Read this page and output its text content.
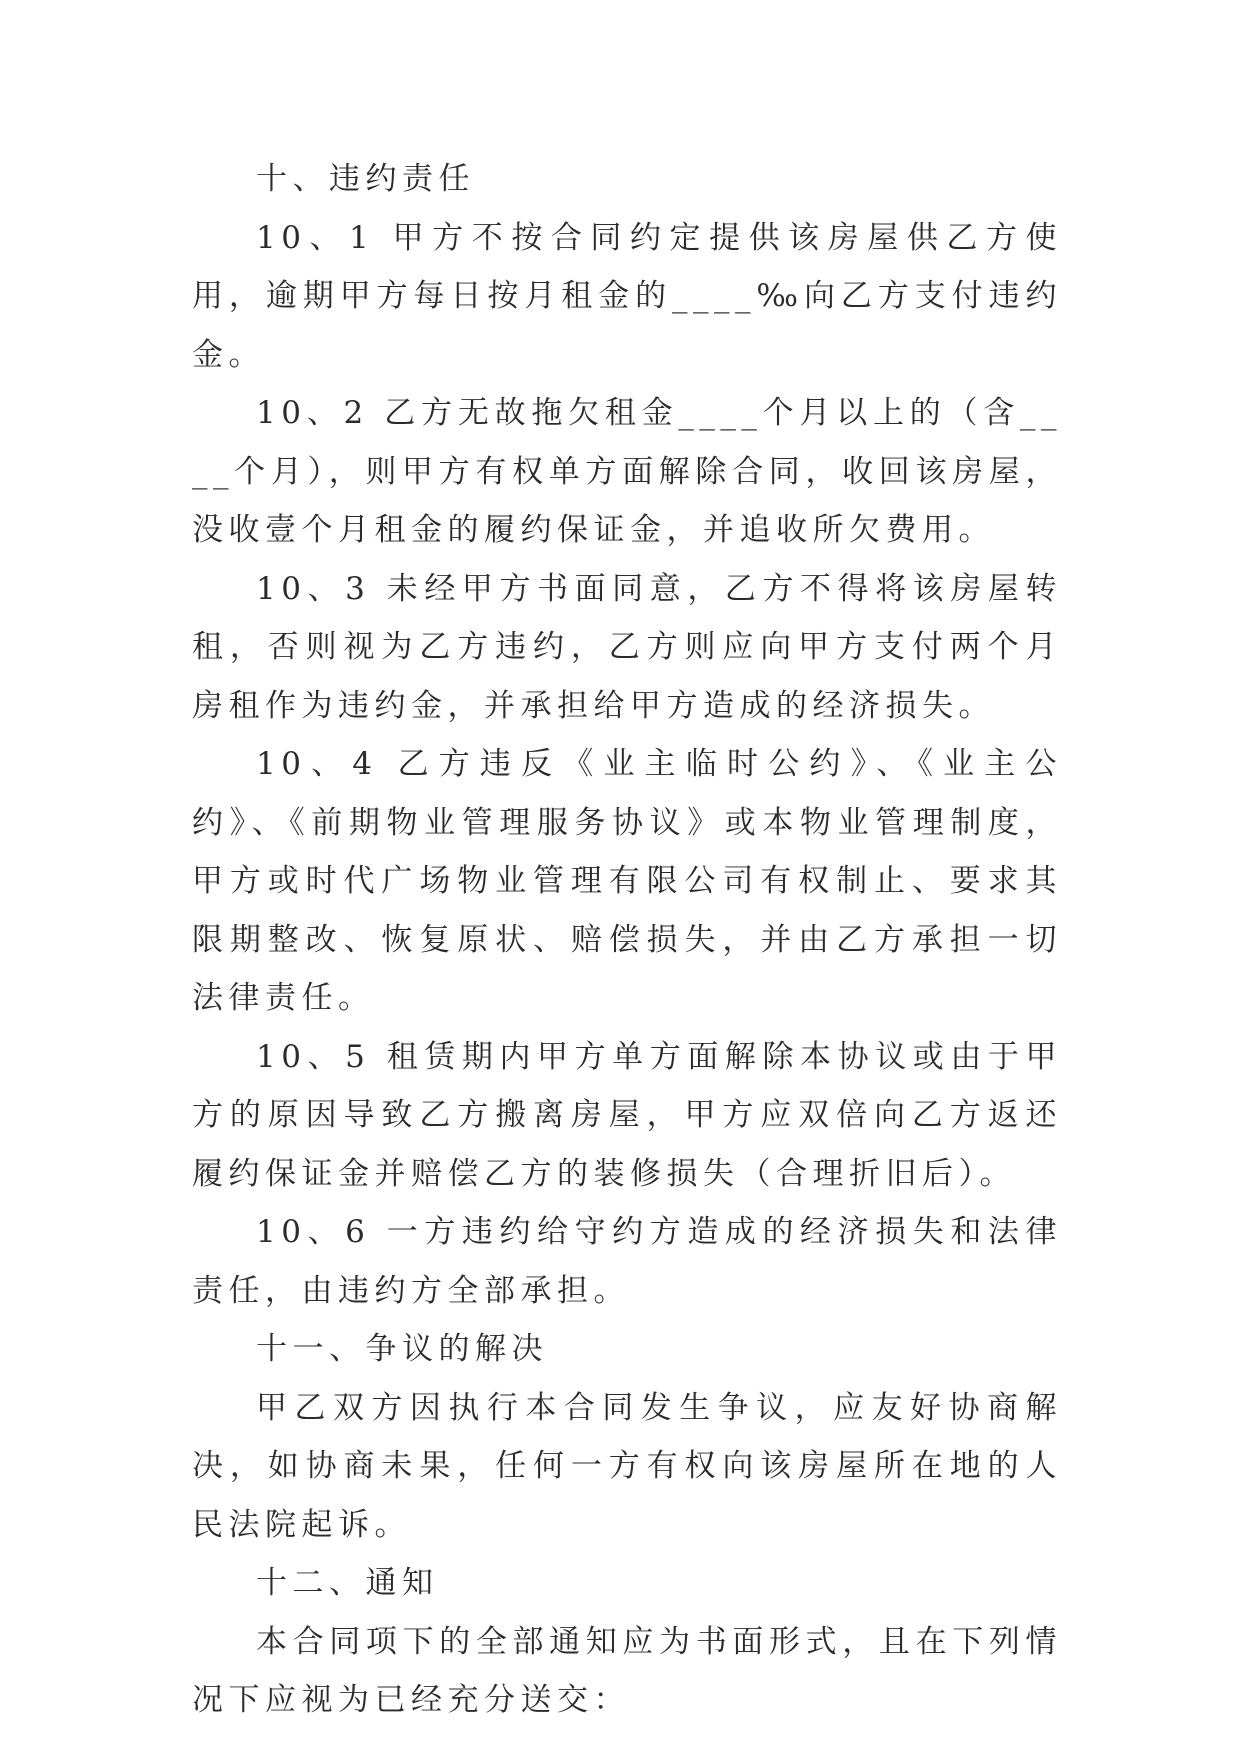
十、违约责任

10、1 甲方不按合同约定提供该房屋供乙方使用，逾期甲方每日按月租金的____‰向乙方支付违约金。

10、2 乙方无故拖欠租金____个月以上的（含____个月），则甲方有权单方面解除合同，收回该房屋，没收壹个月租金的履约保证金，并追收所欠费用。

10、3 未经甲方书面同意，乙方不得将该房屋转租，否则视为乙方违约，乙方则应向甲方支付两个月房租作为违约金，并承担给甲方造成的经济损失。

10、4 乙方违反《业主临时公约》、《业主公约》、《前期物业管理服务协议》或本物业管理制度，甲方或时代广场物业管理有限公司有权制止、要求其限期整改、恢复原状、赔偿损失，并由乙方承担一切法律责任。

10、5 租赁期内甲方单方面解除本协议或由于甲方的原因导致乙方搬离房屋，甲方应双倍向乙方返还履约保证金并赔偿乙方的装修损失（合理折旧后）。

10、6 一方违约给守约方造成的经济损失和法律责任，由违约方全部承担。

十一、争议的解决

甲乙双方因执行本合同发生争议，应友好协商解决，如协商未果，任何一方有权向该房屋所在地的人民法院起诉。

十二、通知

本合同项下的全部通知应为书面形式，且在下列情况下应视为已经充分送交：
